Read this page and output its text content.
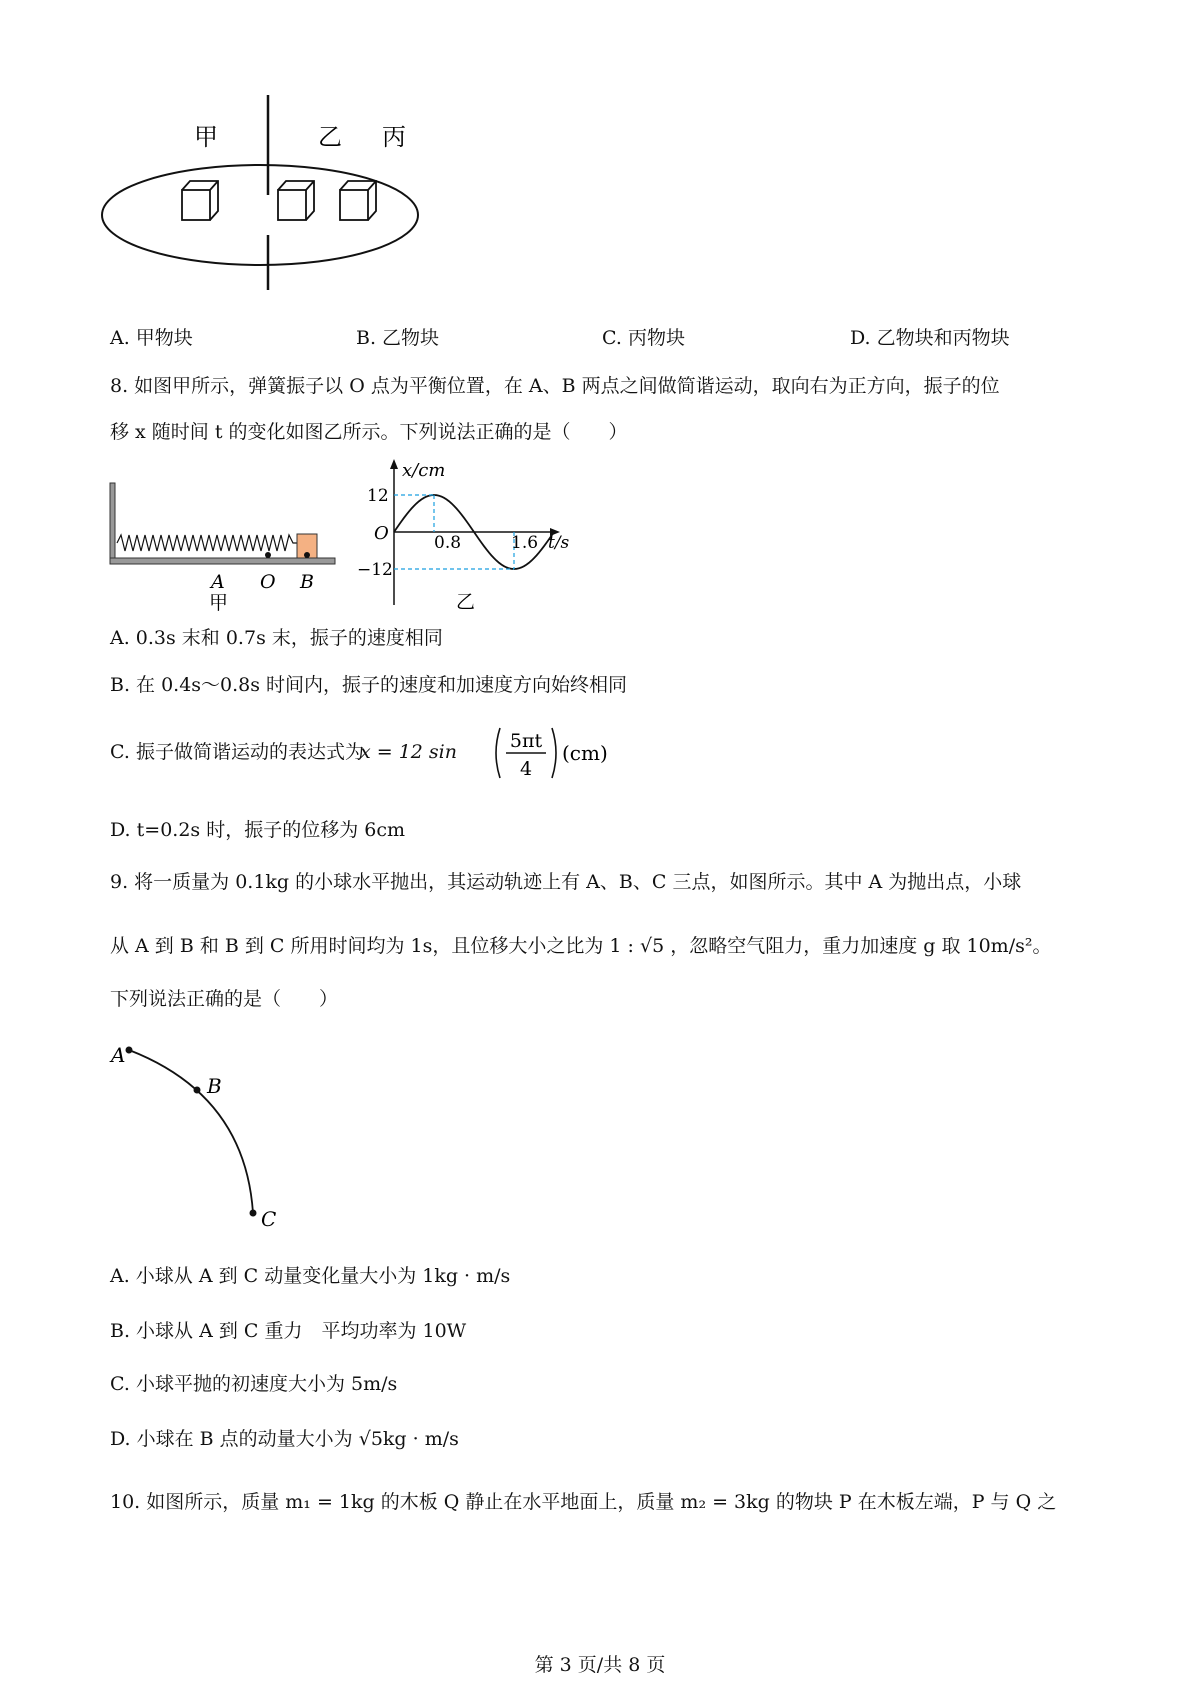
甲	乙 丙
A. 甲物块	B. 乙物块	C. 丙物块	D. 乙物块和丙物块
8. 如图甲所示，弹簧振子以 O 点为平衡位置，在 A、B 两点之间做简谐运动，取向右为正方向，振子的位
移 x 随时间 t 的变化如图乙所示。下列说法正确的是（　　）
A O B
甲
x/cm
12
O	0.8	1.6 t/s
−12
乙
A. 0.3s 末和 0.7s 末，振子的速度相同
B. 在 0.4s～0.8s 时间内，振子的速度和加速度方向始终相同
C. 振子做简谐运动的表达式为
x = 12 sin	5πt
4
(cm)
D. t=0.2s 时，振子的位移为 6cm
9. 将一质量为 0.1kg 的小球水平抛出，其运动轨迹上有 A、B、C 三点，如图所示。其中 A 为抛出点，小球
从 A 到 B 和 B 到 C 所用时间均为 1s，且位移大小之比为 1 : √5 ，忽略空气阻力，重力加速度 g 取 10m/s²。
下列说法正确的是（　　）
A
B
C
A. 小球从 A 到 C 动量变化量大小为 1kg · m/s
B. 小球从 A 到 C 重力　平均功率为 10W
C. 小球平抛的初速度大小为 5m/s
D. 小球在 B 点的动量大小为 √5kg · m/s
10. 如图所示，质量 m₁ = 1kg 的木板 Q 静止在水平地面上，质量 m₂ = 3kg 的物块 P 在木板左端，P 与 Q 之
第 3 页/共 8 页
